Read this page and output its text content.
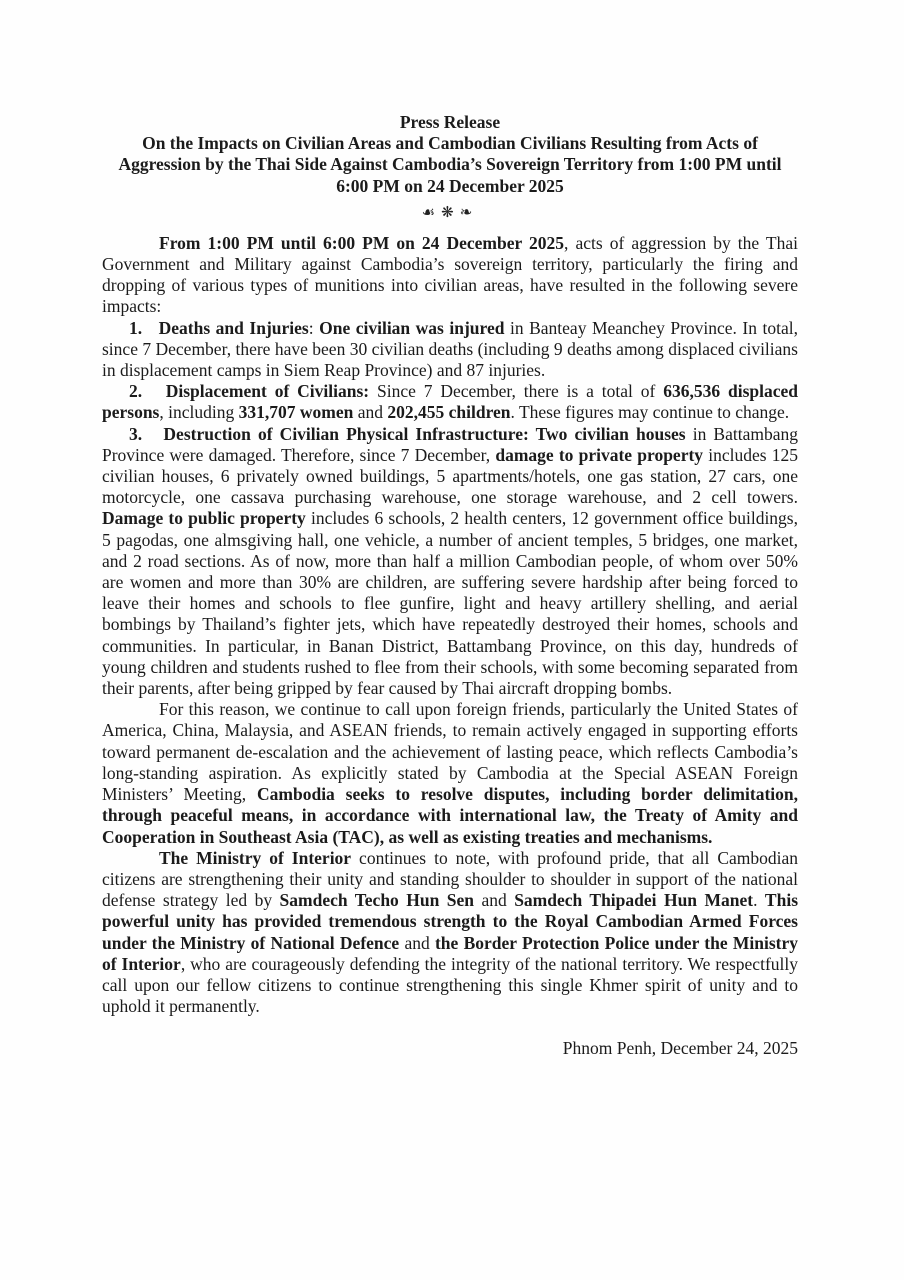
Press Release
On the Impacts on Civilian Areas and Cambodian Civilians Resulting from Acts of Aggression by the Thai Side Against Cambodia’s Sovereign Territory from 1:00 PM until 6:00 PM on 24 December 2025
☙❋❧

From 1:00 PM until 6:00 PM on 24 December 2025, acts of aggression by the Thai Government and Military against Cambodia’s sovereign territory, particularly the firing and dropping of various types of munitions into civilian areas, have resulted in the following severe impacts:

1.   Deaths and Injuries: One civilian was injured in Banteay Meanchey Province. In total, since 7 December, there have been 30 civilian deaths (including 9 deaths among displaced civilians in displacement camps in Siem Reap Province) and 87 injuries.

2.   Displacement of Civilians: Since 7 December, there is a total of 636,536 displaced persons, including 331,707 women and 202,455 children. These figures may continue to change.

3.   Destruction of Civilian Physical Infrastructure: Two civilian houses in Battambang Province were damaged. Therefore, since 7 December, damage to private property includes 125 civilian houses, 6 privately owned buildings, 5 apartments/hotels, one gas station, 27 cars, one motorcycle, one cassava purchasing warehouse, one storage warehouse, and 2 cell towers. Damage to public property includes 6 schools, 2 health centers, 12 government office buildings, 5 pagodas, one almsgiving hall, one vehicle, a number of ancient temples, 5 bridges, one market, and 2 road sections. As of now, more than half a million Cambodian people, of whom over 50% are women and more than 30% are children, are suffering severe hardship after being forced to leave their homes and schools to flee gunfire, light and heavy artillery shelling, and aerial bombings by Thailand’s fighter jets, which have repeatedly destroyed their homes, schools and communities. In particular, in Banan District, Battambang Province, on this day, hundreds of young children and students rushed to flee from their schools, with some becoming separated from their parents, after being gripped by fear caused by Thai aircraft dropping bombs.

For this reason, we continue to call upon foreign friends, particularly the United States of America, China, Malaysia, and ASEAN friends, to remain actively engaged in supporting efforts toward permanent de-escalation and the achievement of lasting peace, which reflects Cambodia’s long-standing aspiration. As explicitly stated by Cambodia at the Special ASEAN Foreign Ministers’ Meeting, Cambodia seeks to resolve disputes, including border delimitation, through peaceful means, in accordance with international law, the Treaty of Amity and Cooperation in Southeast Asia (TAC), as well as existing treaties and mechanisms.

The Ministry of Interior continues to note, with profound pride, that all Cambodian citizens are strengthening their unity and standing shoulder to shoulder in support of the national defense strategy led by Samdech Techo Hun Sen and Samdech Thipadei Hun Manet. This powerful unity has provided tremendous strength to the Royal Cambodian Armed Forces under the Ministry of National Defence and the Border Protection Police under the Ministry of Interior, who are courageously defending the integrity of the national territory. We respectfully call upon our fellow citizens to continue strengthening this single Khmer spirit of unity and to uphold it permanently.

Phnom Penh, December 24, 2025
